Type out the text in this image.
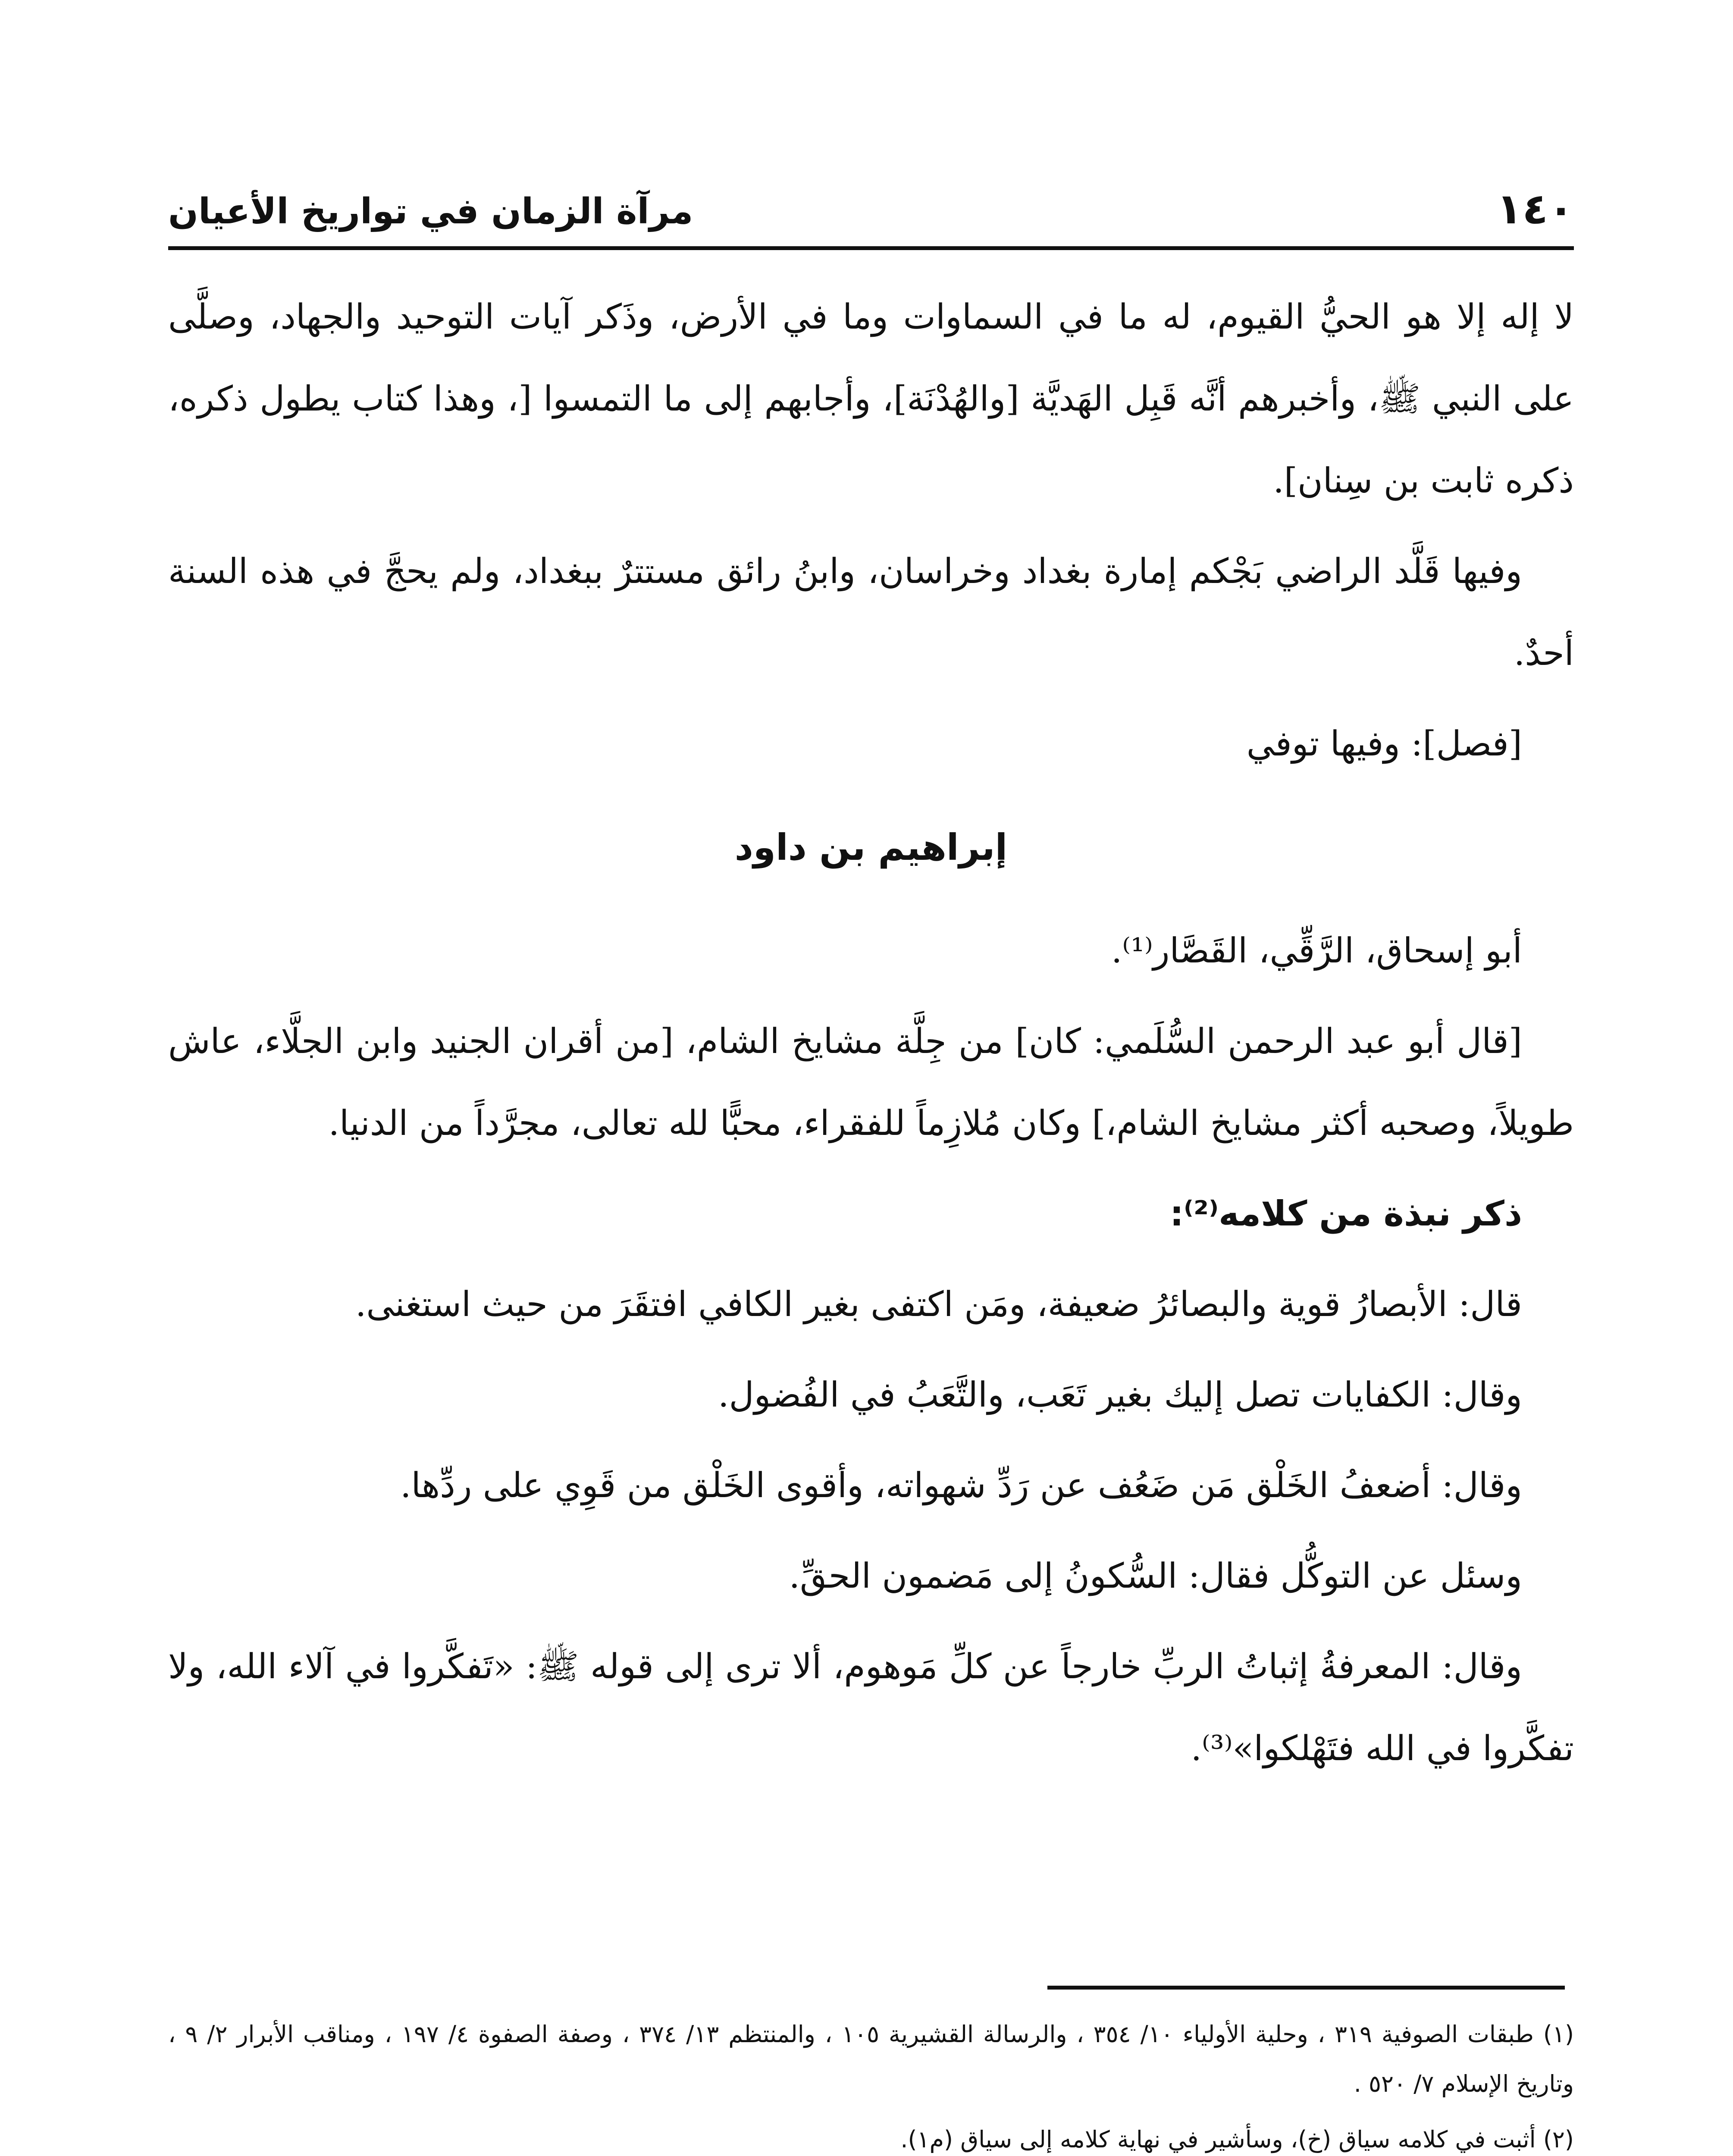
١٤٠
مرآة الزمان في تواريخ الأعيان

لا إله إلا هو الحيُّ القيوم، له ما في السماوات وما في الأرض، وذَكر آيات التوحيد والجهاد، وصلَّى على النبي ﷺ، وأخبرهم أنَّه قَبِل الهَديَّة [والهُدْنَة]، وأجابهم إلى ما التمسوا [، وهذا كتاب يطول ذكره، ذكره ثابت بن سِنان].

وفيها قَلَّد الراضي بَجْكم إمارة بغداد وخراسان، وابنُ رائق مستترٌ ببغداد، ولم يحجَّ في هذه السنة أحدٌ.

[فصل]: وفيها توفي

إبراهيم بن داود

أبو إسحاق، الرَّقِّي، القَصَّار⁽¹⁾.

[قال أبو عبد الرحمن السُّلَمي: كان] من جِلَّة مشايخ الشام، [من أقران الجنيد وابن الجلَّاء، عاش طويلاً، وصحبه أكثر مشايخ الشام،] وكان مُلازِماً للفقراء، محبًّا لله تعالى، مجرَّداً من الدنيا.

ذكر نبذة من كلامه⁽²⁾:

قال: الأبصارُ قوية والبصائرُ ضعيفة، ومَن اكتفى بغير الكافي افتقَرَ من حيث استغنى.

وقال: الكفايات تصل إليك بغير تَعَب، والتَّعَبُ في الفُضول.

وقال: أضعفُ الخَلْق مَن ضَعُف عن رَدِّ شهواته، وأقوى الخَلْق من قَوِي على ردِّها.

وسئل عن التوكُّل فقال: السُّكونُ إلى مَضمون الحقِّ.

وقال: المعرفةُ إثباتُ الربِّ خارجاً عن كلِّ مَوهوم، ألا ترى إلى قوله ﷺ: «تَفكَّروا في آلاء الله، ولا تفكَّروا في الله فتَهْلكوا»⁽³⁾.

(١) طبقات الصوفية ٣١٩ ، وحلية الأولياء ١٠/ ٣٥٤ ، والرسالة القشيرية ١٠٥ ، والمنتظم ١٣/ ٣٧٤ ، وصفة الصفوة ٤/ ١٩٧ ، ومناقب الأبرار ٢/ ٩ ، وتاريخ الإسلام ٧/ ٥٢٠ .

(٢) أثبت في كلامه سياق (خ)، وسأشير في نهاية كلامه إلى سياق (م١).
